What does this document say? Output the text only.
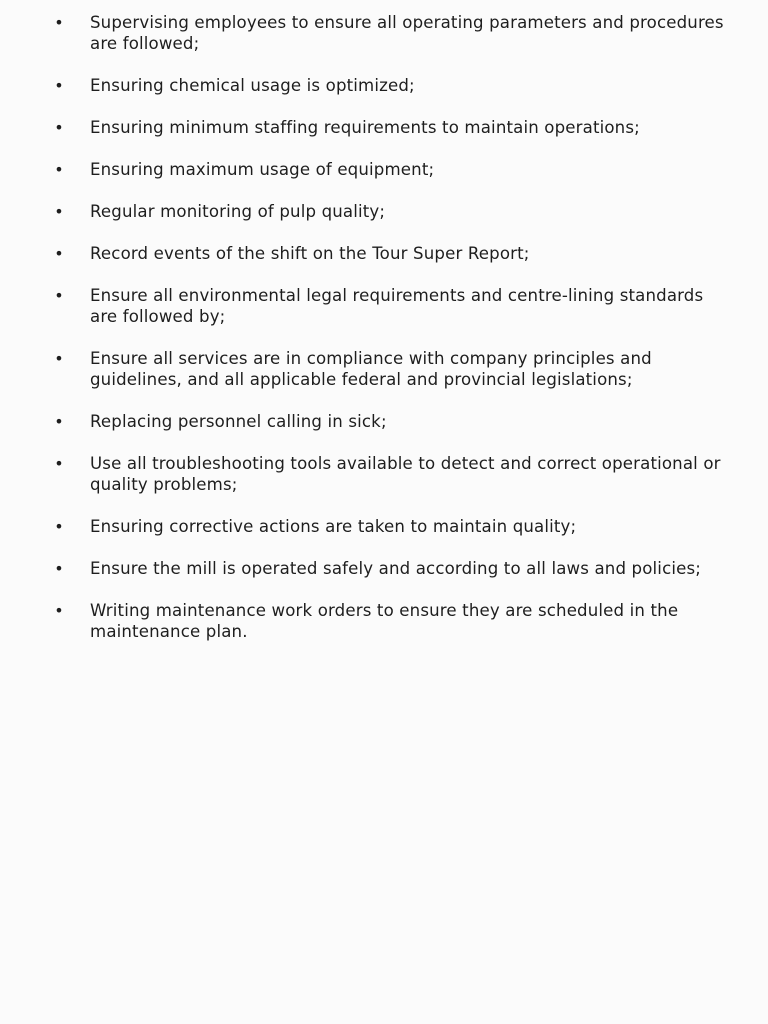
• Supervising employees to ensure all operating parameters and procedures are followed;
• Ensuring chemical usage is optimized;
• Ensuring minimum staffing requirements to maintain operations;
• Ensuring maximum usage of equipment;
• Regular monitoring of pulp quality;
• Record events of the shift on the Tour Super Report;
• Ensure all environmental legal requirements and centre-lining standards are followed by;
• Ensure all services are in compliance with company principles and guidelines, and all applicable federal and provincial legislations;
• Replacing personnel calling in sick;
• Use all troubleshooting tools available to detect and correct operational or quality problems;
• Ensuring corrective actions are taken to maintain quality;
• Ensure the mill is operated safely and according to all laws and policies;
• Writing maintenance work orders to ensure they are scheduled in the maintenance plan.
